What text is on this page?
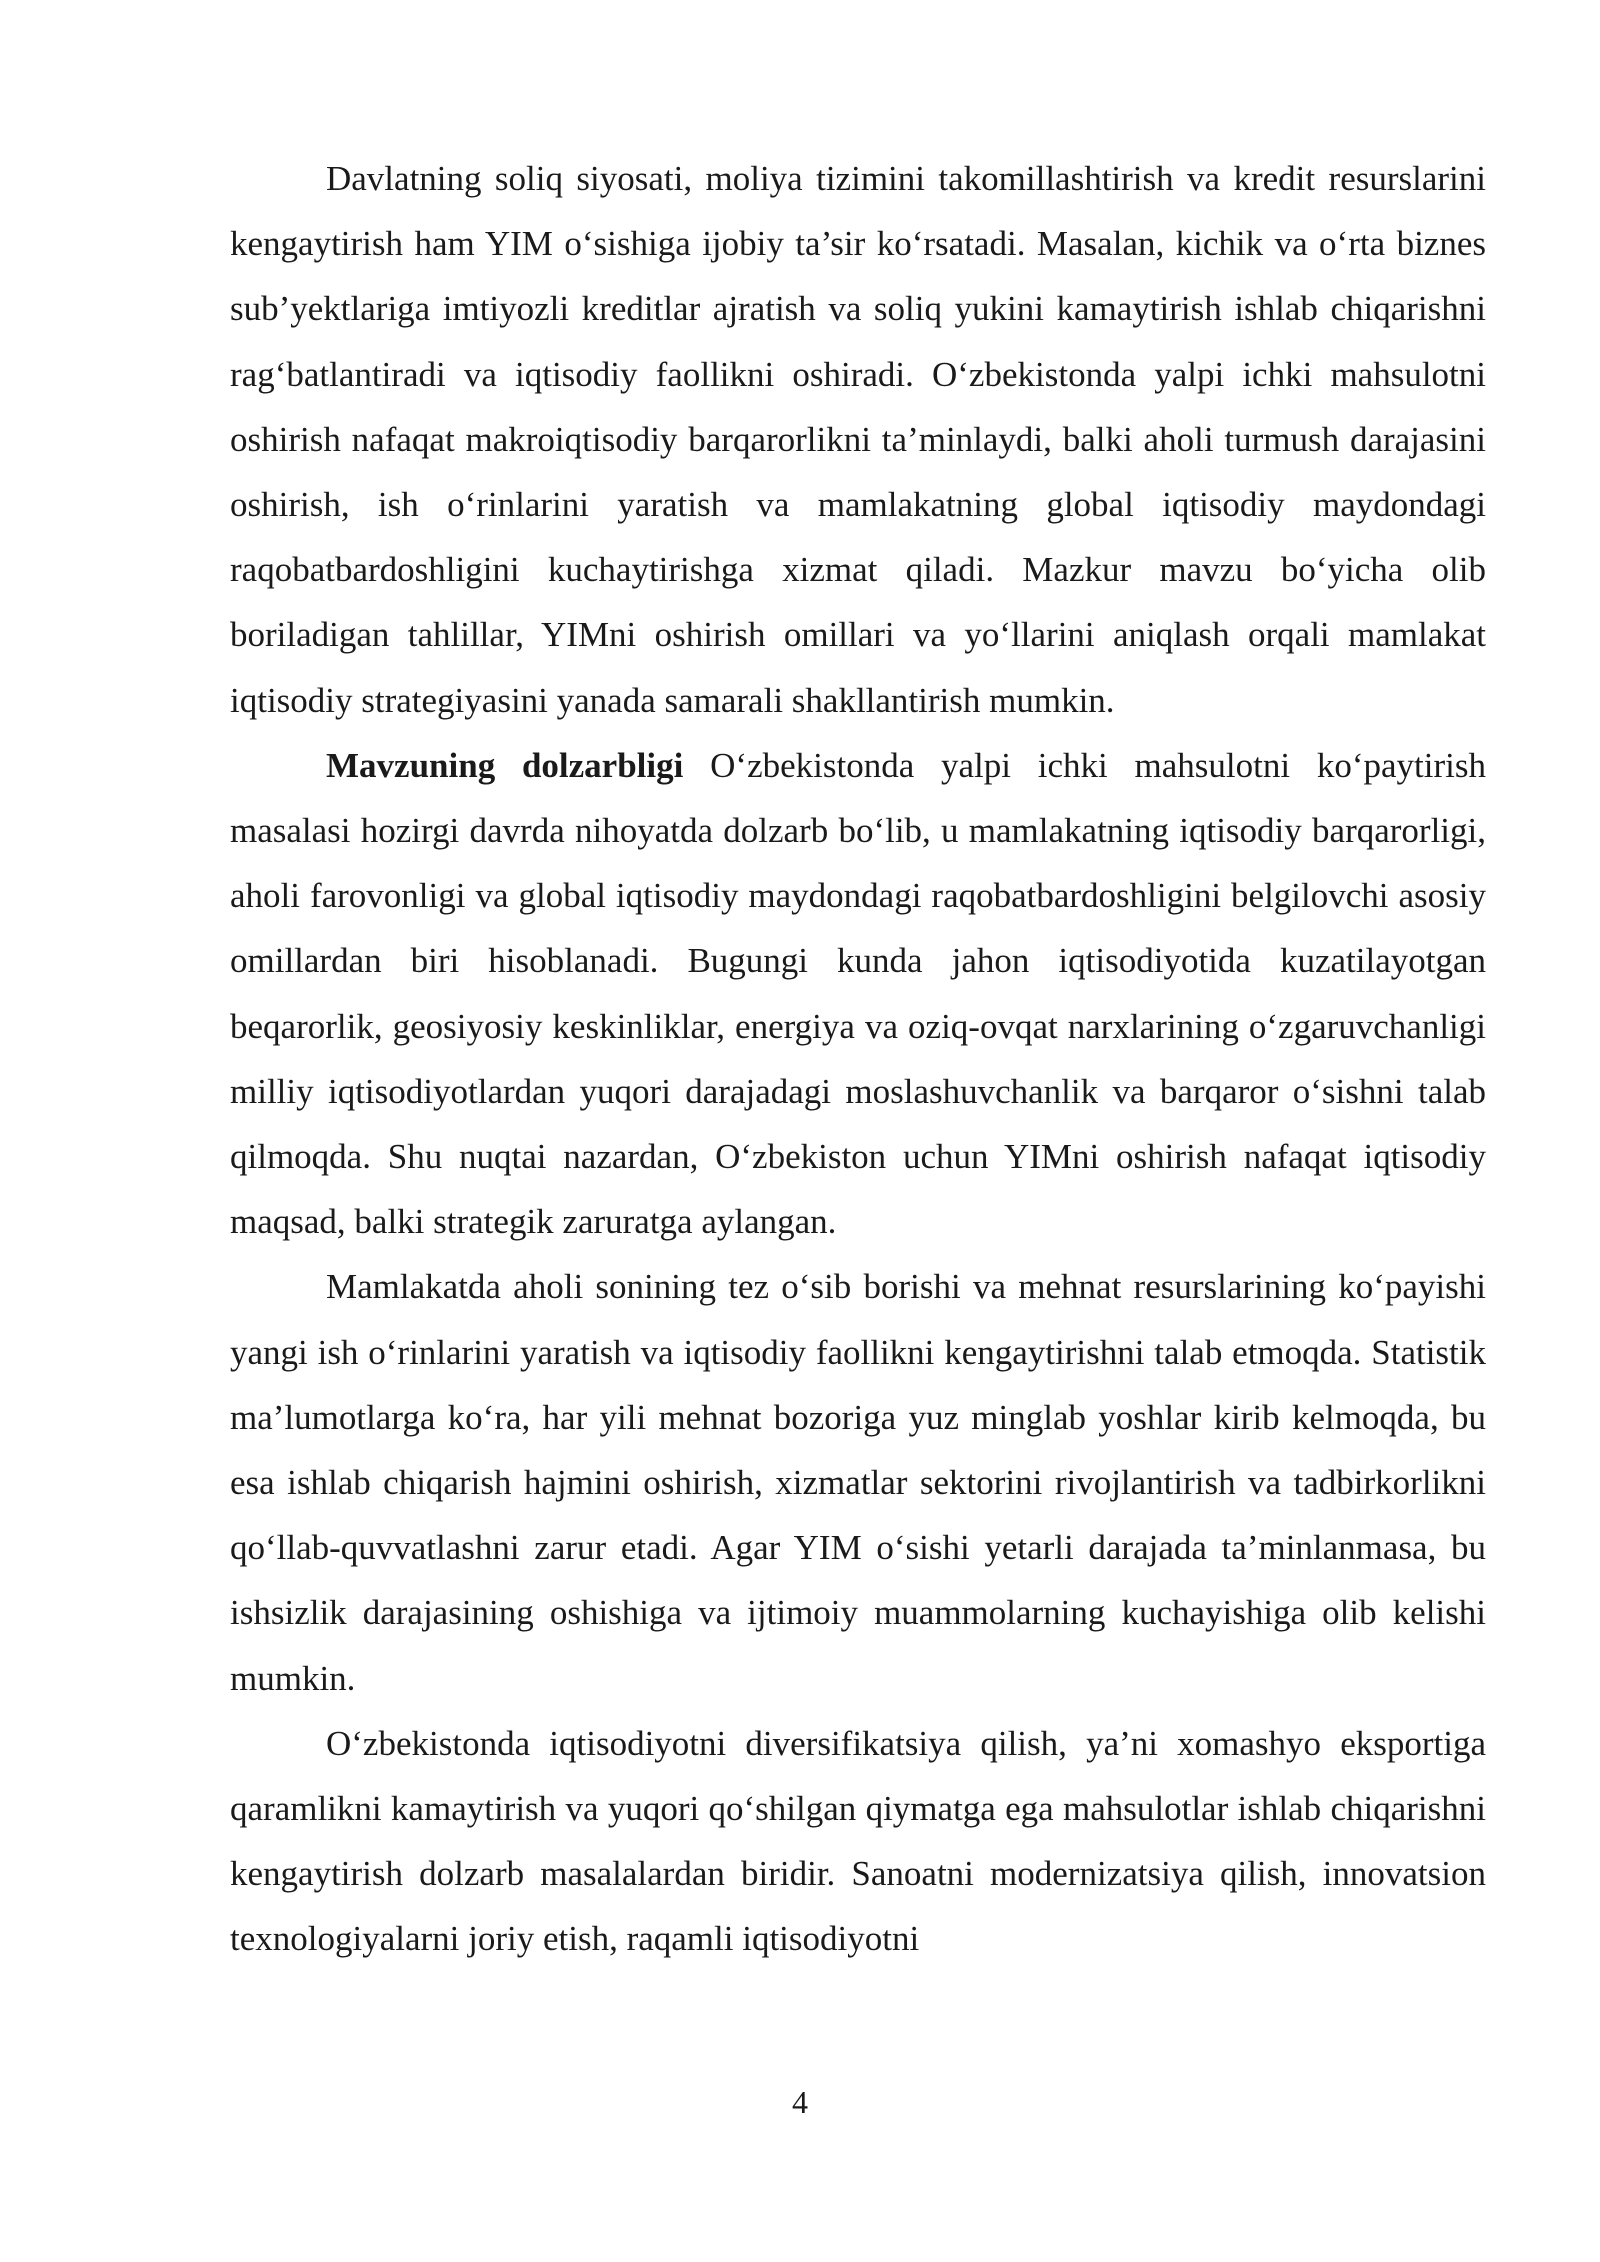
Davlatning soliq siyosati, moliya tizimini takomillashtirish va kredit resurslarini kengaytirish ham YIM o‘sishiga ijobiy ta’sir ko‘rsatadi. Masalan, kichik va o‘rta biznes sub’yektlariga imtiyozli kreditlar ajratish va soliq yukini kamaytirish ishlab chiqarishni rag‘batlantiradi va iqtisodiy faollikni oshiradi. O‘zbekistonda yalpi ichki mahsulotni oshirish nafaqat makroiqtisodiy barqarorlikni ta’minlaydi, balki aholi turmush darajasini oshirish, ish o‘rinlarini yaratish va mamlakatning global iqtisodiy maydondagi raqobatbardoshligini kuchaytirishga xizmat qiladi. Mazkur mavzu bo‘yicha olib boriladigan tahlillar, YIMni oshirish omillari va yo‘llarini aniqlash orqali mamlakat iqtisodiy strategiyasini yanada samarali shakllantirish mumkin.

Mavzuning dolzarbligi O‘zbekistonda yalpi ichki mahsulotni ko‘paytirish masalasi hozirgi davrda nihoyatda dolzarb bo‘lib, u mamlakatning iqtisodiy barqarorligi, aholi farovonligi va global iqtisodiy maydondagi raqobatbardoshligini belgilovchi asosiy omillardan biri hisoblanadi. Bugungi kunda jahon iqtisodiyotida kuzatilayotgan beqarorlik, geosiyosiy keskinliklar, energiya va oziq-ovqat narxlarining o‘zgaruvchanligi milliy iqtisodiyotlardan yuqori darajadagi moslashuvchanlik va barqaror o‘sishni talab qilmoqda. Shu nuqtai nazardan, O‘zbekiston uchun YIMni oshirish nafaqat iqtisodiy maqsad, balki strategik zaruratga aylangan.

Mamlakatda aholi sonining tez o‘sib borishi va mehnat resurslarining ko‘payishi yangi ish o‘rinlarini yaratish va iqtisodiy faollikni kengaytirishni talab etmoqda. Statistik ma’lumotlarga ko‘ra, har yili mehnat bozoriga yuz minglab yoshlar kirib kelmoqda, bu esa ishlab chiqarish hajmini oshirish, xizmatlar sektorini rivojlantirish va tadbirkorlikni qo‘llab-quvvatlashni zarur etadi. Agar YIM o‘sishi yetarli darajada ta’minlanmasa, bu ishsizlik darajasining oshishiga va ijtimoiy muammolarning kuchayishiga olib kelishi mumkin.

O‘zbekistonda iqtisodiyotni diversifikatsiya qilish, ya’ni xomashyo eksportiga qaramlikni kamaytirish va yuqori qo‘shilgan qiymatga ega mahsulotlar ishlab chiqarishni kengaytirish dolzarb masalalardan biridir. Sanoatni modernizatsiya qilish, innovatsion texnologiyalarni joriy etish, raqamli iqtisodiyotni

4
